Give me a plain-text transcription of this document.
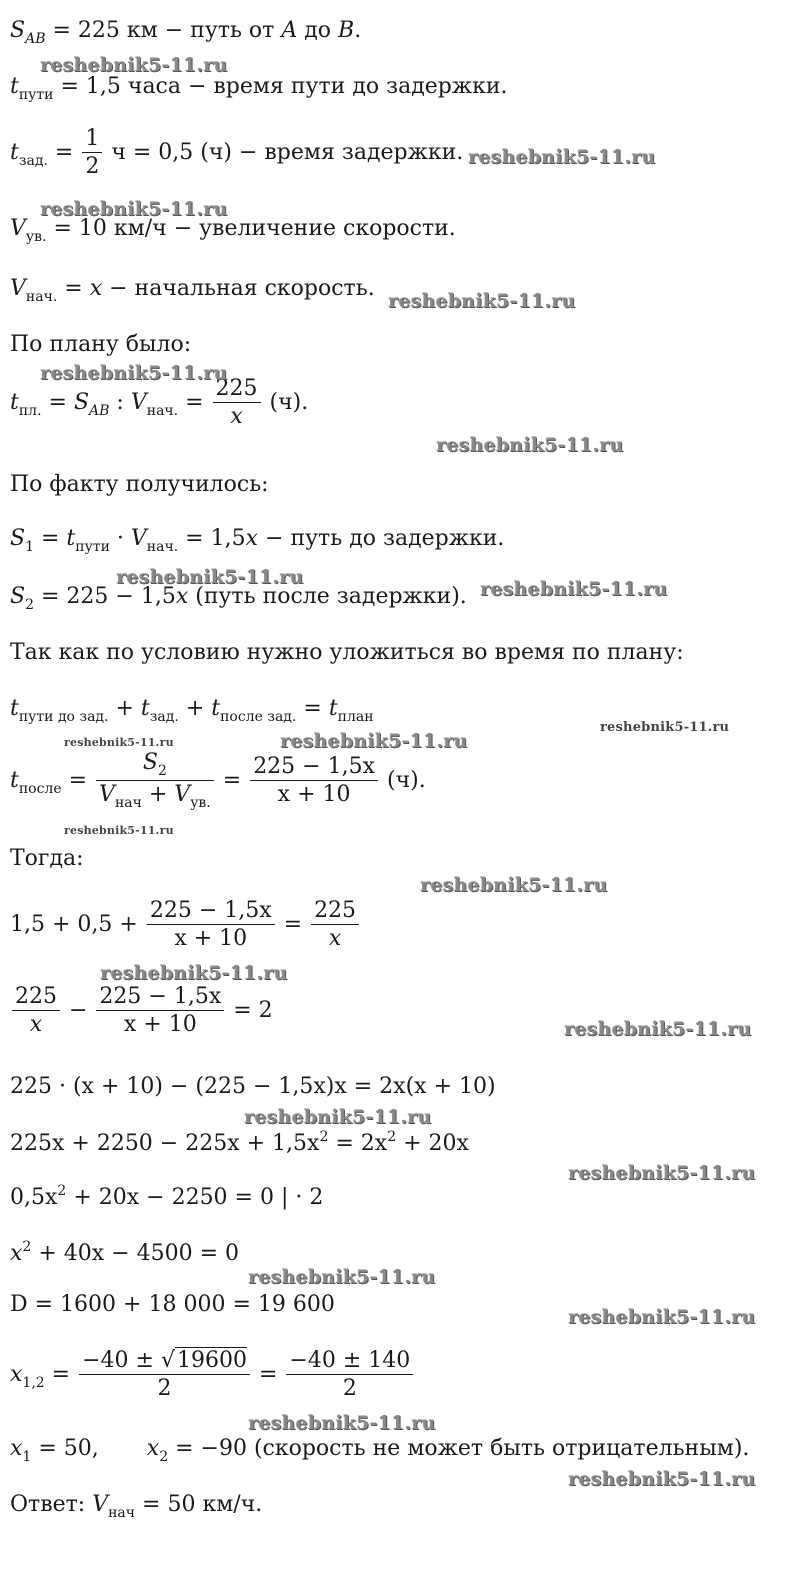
$S_{AB} = 225$ км − путь от A до B.
$t_{пути} = 1,5$ часа − время пути до задержки.
$t_{зад.} = \frac{1}{2}$ ч = 0,5 (ч) − время задержки.
$V_{ув.} = 10$ км/ч − увеличение скорости.
$V_{нач.} = x$ − начальная скорость.
По плану было:
$t_{пл.} = S_{AB}$ : $V_{нач.} = \frac{225}{x} (ч)$.
По факту получилось:
$S_1 = t_{пути} \cdot V_{нач.} = 1,5x$ − путь до задержки.
$S_2 = 225 - 1,5x$ (путь после задержки).
Так как по условию нужно уложиться во время по плану:
$t_{пути до зад.} + t_{зад.} + t_{после зад.} = t_{план}$
$t_{после} = \frac{S_2}{V_{нач} + V_{ув.}} = \frac{225 - 1,5x}{x + 10} (ч)$.
Тогда:
$1,5 + 0,5 + \frac{225 - 1,5x}{x + 10} = \frac{225}{x}$
$\frac{225}{x} - \frac{225 - 1,5x}{x + 10} = 2$
225 · (x + 10) − (225 − 1,5x)x = 2x(x + 10)
$225x + 2250 - 225x + 1,5x^2 = 2x^2 + 20x$
$0,5x^2 + 20x - 2250 = 0$ | · 2
$x^2 + 40x - 4500 = 0$
D = 1600 + 18 000 = 19 600
$x_{1,2} = \frac{-40 \pm √19600}{2} = \frac{-40 \pm 140}{2}$
$x_1 = 50$, $x_2 = -90$ (скорость не может быть отрицательным).
Ответ: $V_{нач} = 50$ км/ч.
reshebnik5-11.ru
reshebnik5-11.ru
reshebnik5-11.ru
reshebnik5-11.ru
reshebnik5-11.ru
reshebnik5-11.ru
reshebnik5-11.ru
reshebnik5-11.ru
reshebnik5-11.ru
reshebnik5-11.ru
reshebnik5-11.ru
reshebnik5-11.ru
reshebnik5-11.ru
reshebnik5-11.ru
reshebnik5-11.ru
reshebnik5-11.ru
reshebnik5-11.ru
reshebnik5-11.ru
reshebnik5-11.ru
reshebnik5-11.ru
reshebnik5-11.ru
